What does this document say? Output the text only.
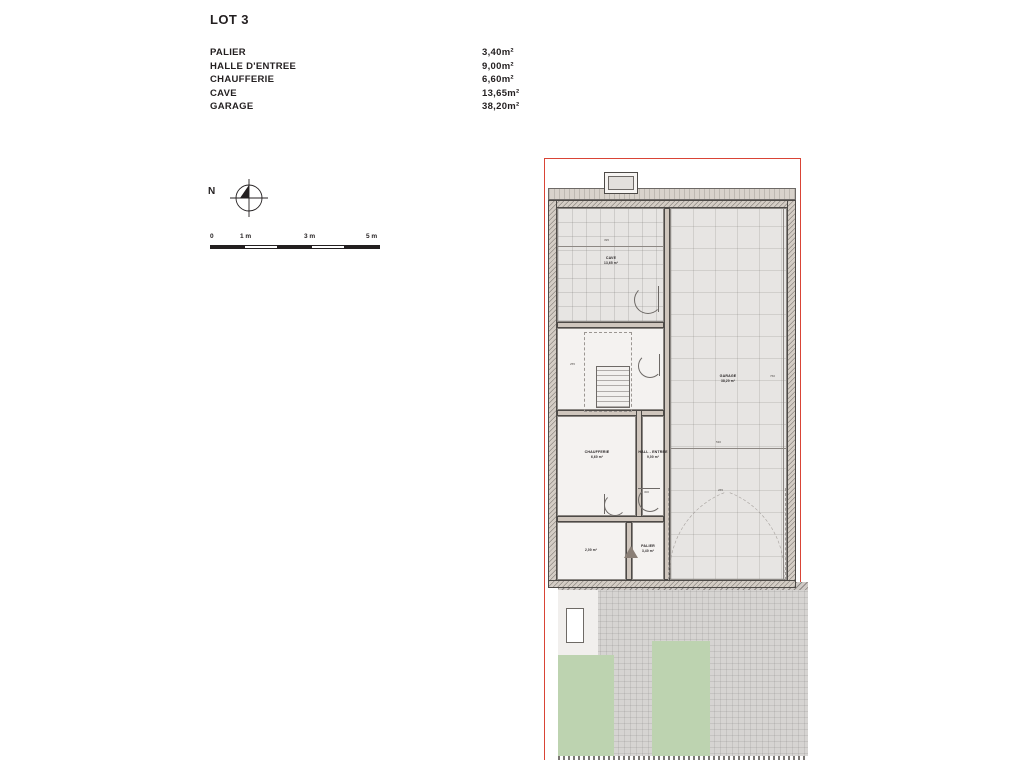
LOT 3
PALIER	3,40m²
HALLE D'ENTREE	9,00m²
CHAUFFERIE	6,60m²
CAVE	13,65m²
GARAGE	38,20m²
N
0	1 m	3 m	5 m
CAVE
13,65 m²
GARAGE
38,20 m²
CHAUFFERIE
6,60 m²
HALL - ENTREE
9,00 m²
2,00 m²
PALIER
3,40 m²
395
760
530
300	265
255
